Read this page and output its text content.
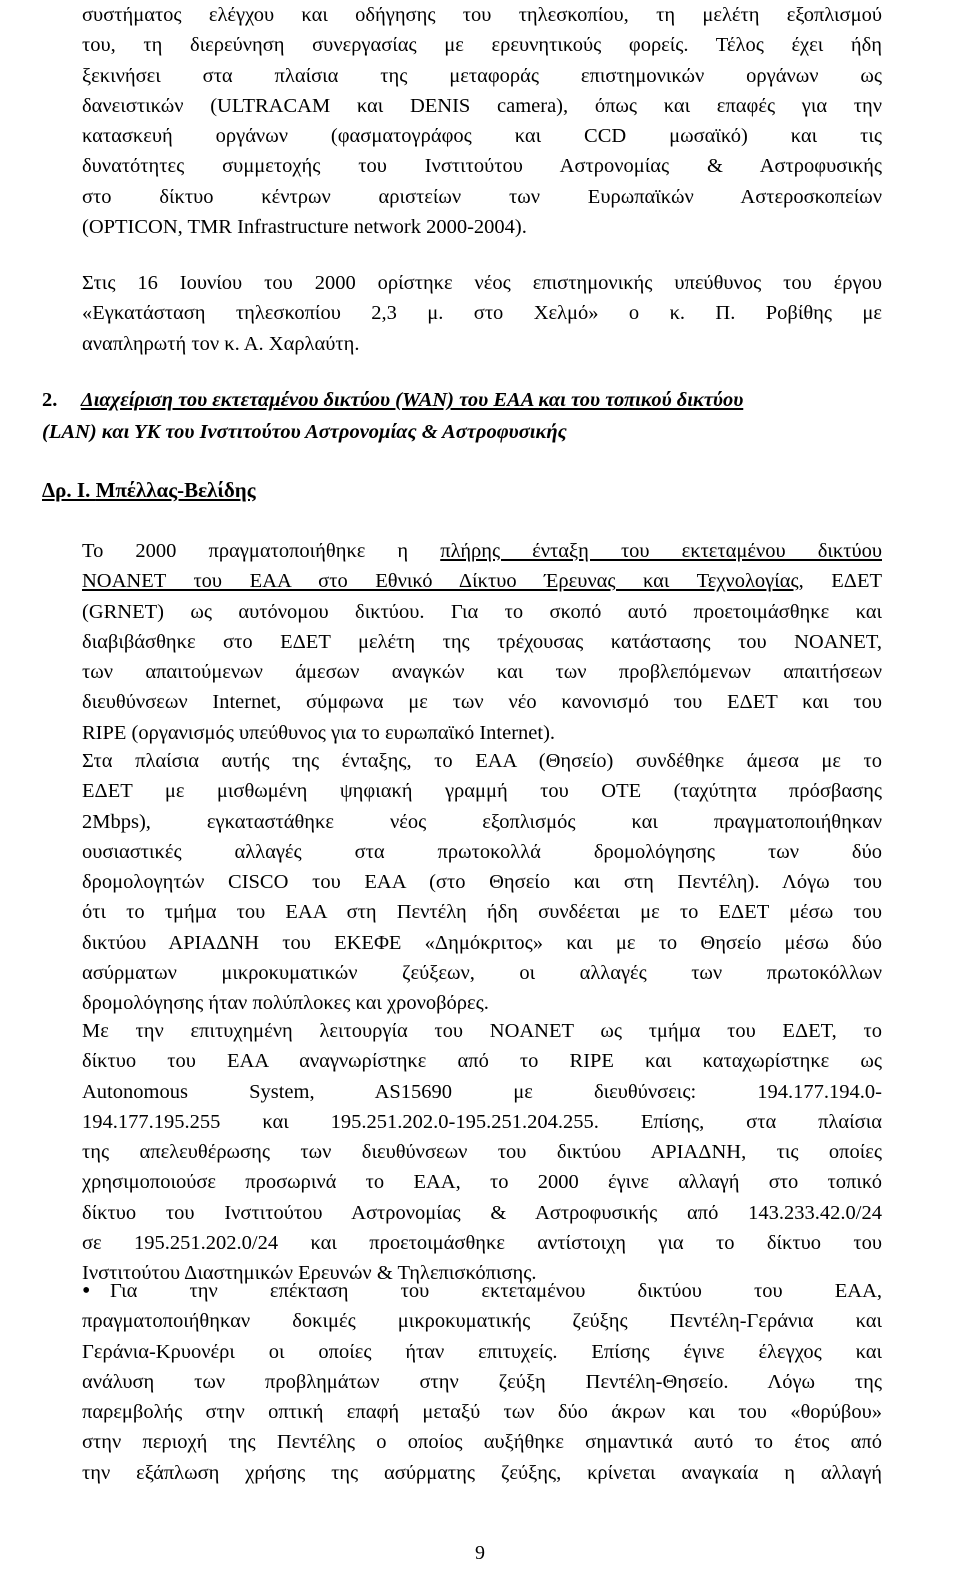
συστήματος ελέγχου και οδήγησης του τηλεσκοπίου, τη μελέτη εξοπλισμού
του, τη διερεύνηση συνεργασίας με ερευνητικούς φορείς. Τέλος έχει ήδη
ξεκινήσει στα πλαίσια της μεταφοράς επιστημονικών οργάνων ως
δανειστικών (ULTRACAM και DENIS camera), όπως και επαφές για την
κατασκευή οργάνων (φασματογράφος και CCD μωσαϊκό) και τις
δυνατότητες συμμετοχής του Ινστιτούτου Αστρονομίας & Αστροφυσικής
στο δίκτυο κέντρων αριστείων των Ευρωπαϊκών Αστεροσκοπείων
(OPTICON, TMR Infrastructure network 2000-2004).
Στις 16 Ιουνίου του 2000 ορίστηκε νέος επιστημονικής υπεύθυνος του έργου
«Εγκατάσταση τηλεσκοπίου 2,3 μ. στο Χελμό» ο κ. Π. Ροβίθης με
αναπληρωτή τον κ. Α. Χαρλαύτη.
2. Διαχείριση του εκτεταμένου δικτύου (WAN) του ΕΑΑ και του τοπικού δικτύου
(LAN) και ΥΚ του Ινστιτούτου Αστρονομίας & Αστροφυσικής
Δρ. Ι. Μπέλλας-Βελίδης
Το 2000 πραγματοποιήθηκε η πλήρης ένταξη του εκτεταμένου δικτύου
NOANET του ΕΑΑ στο Εθνικό Δίκτυο Έρευνας και Τεχνολογίας, ΕΔΕΤ
(GRNET) ως αυτόνομου δικτύου. Για το σκοπό αυτό προετοιμάσθηκε και
διαβιβάσθηκε στο ΕΔΕΤ μελέτη της τρέχουσας κατάστασης του NOANET,
των απαιτούμενων άμεσων αναγκών και των προβλεπόμενων απαιτήσεων
διευθύνσεων Internet, σύμφωνα με των νέο κανονισμό του ΕΔΕΤ και του
RIPE (οργανισμός υπεύθυνος για το ευρωπαϊκό Internet).
Στα πλαίσια αυτής της ένταξης, το ΕΑΑ (Θησείο) συνδέθηκε άμεσα με το
ΕΔΕΤ με μισθωμένη ψηφιακή γραμμή του ΟΤΕ (ταχύτητα πρόσβασης
2Mbps), εγκαταστάθηκε νέος εξοπλισμός και πραγματοποιήθηκαν
ουσιαστικές αλλαγές στα πρωτοκολλά δρομολόγησης των δύο
δρομολογητών CISCO του ΕΑΑ (στο Θησείο και στη Πεντέλη). Λόγω του
ότι το τμήμα του ΕΑΑ στη Πεντέλη ήδη συνδέεται με το ΕΔΕΤ μέσω του
δικτύου ΑΡΙΑΔΝΗ του ΕΚΕΦΕ «Δημόκριτος» και με το Θησείο μέσω δύο
ασύρματων μικροκυματικών ζεύξεων, οι αλλαγές των πρωτοκόλλων
δρομολόγησης ήταν πολύπλοκες και χρονοβόρες.
Με την επιτυχημένη λειτουργία του NOANET ως τμήμα του ΕΔΕΤ, το
δίκτυο του ΕΑΑ αναγνωρίστηκε από το RIPE και καταχωρίστηκε ως
Autonomous System, AS15690 με διευθύνσεις: 194.177.194.0-
194.177.195.255 και 195.251.202.0-195.251.204.255. Επίσης, στα πλαίσια
της απελευθέρωσης των διευθύνσεων του δικτύου ΑΡΙΑΔΝΗ, τις οποίες
χρησιμοποιούσε προσωρινά το ΕΑΑ, το 2000 έγινε αλλαγή στο τοπικό
δίκτυο του Ινστιτούτου Αστρονομίας & Αστροφυσικής από 143.233.42.0/24
σε 195.251.202.0/24 και προετοιμάσθηκε αντίστοιχη για το δίκτυο του
Ινστιτούτου Διαστημικών Ερευνών & Τηλεπισκόπισης.
• Για την επέκταση του εκτεταμένου δικτύου του ΕΑΑ,
πραγματοποιήθηκαν δοκιμές μικροκυματικής ζεύξης Πεντέλη-Γεράνια και
Γεράνια-Κρυονέρι οι οποίες ήταν επιτυχείς. Επίσης έγινε έλεγχος και
ανάλυση των προβλημάτων στην ζεύξη Πεντέλη-Θησείο. Λόγω της
παρεμβολής στην οπτική επαφή μεταξύ των δύο άκρων και του «θορύβου»
στην περιοχή της Πεντέλης ο οποίος αυξήθηκε σημαντικά αυτό το έτος από
την εξάπλωση χρήσης της ασύρματης ζεύξης, κρίνεται αναγκαία η αλλαγή
9
